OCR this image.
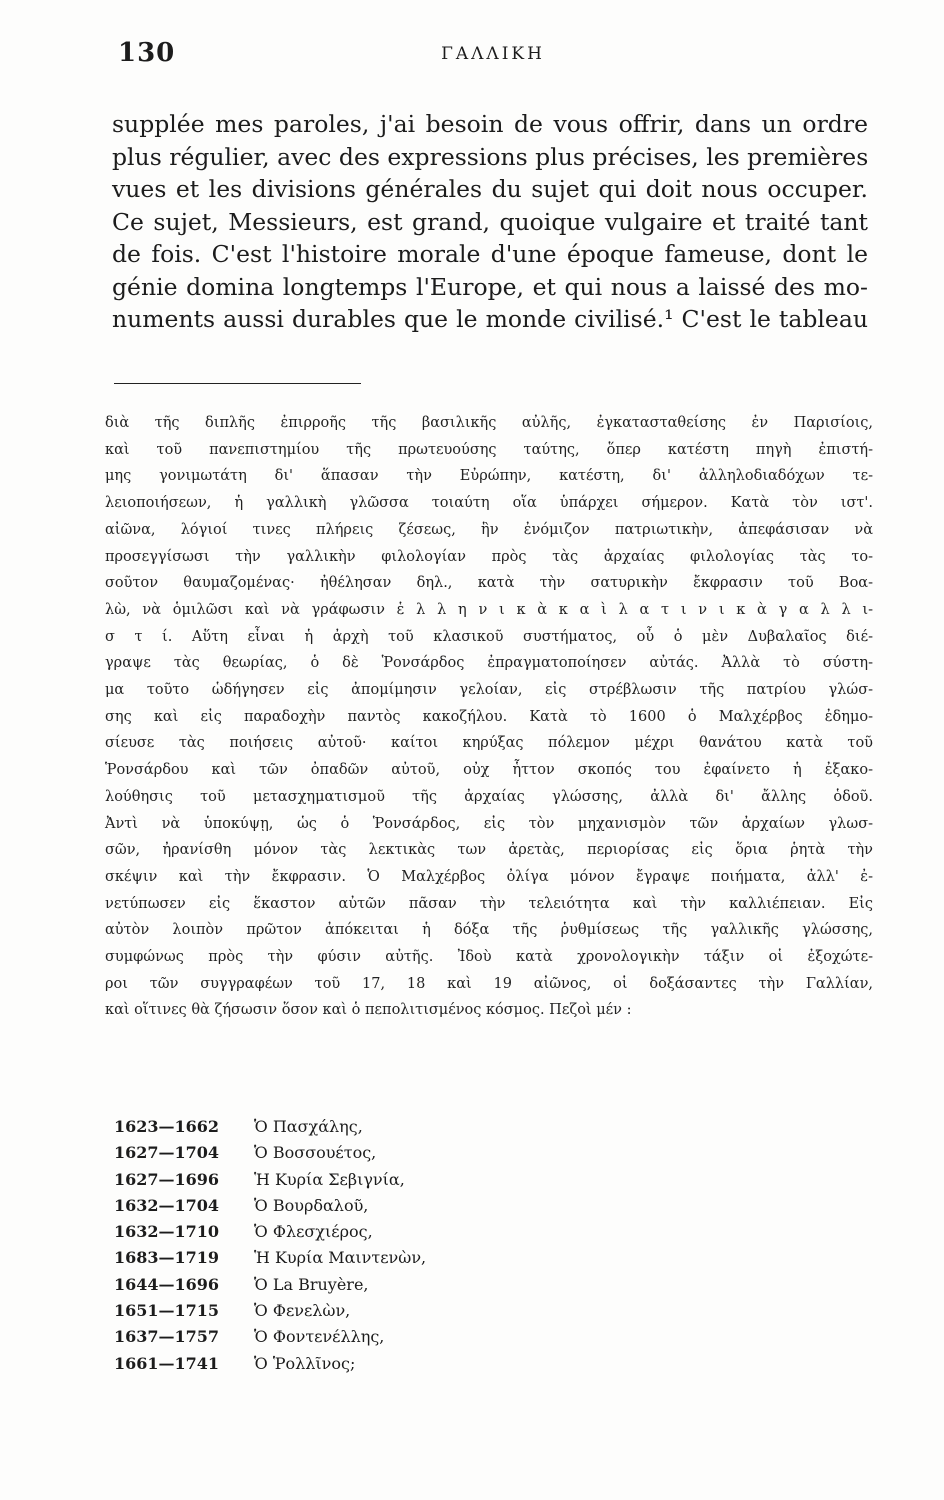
130	ΓΑΛΛΙΚΗ
supplée mes paroles, j'ai besoin de vous offrir, dans un ordre
plus régulier, avec des expressions plus précises, les premières
vues et les divisions générales du sujet qui doit nous occuper.
Ce sujet, Messieurs, est grand, quoique vulgaire et traité tant
de fois. C'est l'histoire morale d'une époque fameuse, dont le
génie domina longtemps l'Europe, et qui nous a laissé des mo-
numents aussi durables que le monde civilisé.¹ C'est le tableau
διὰ τῆς διπλῆς ἐπιρροῆς τῆς βασιλικῆς αὐλῆς, ἐγκατασταθείσης ἐν Παρισίοις,
καὶ τοῦ πανεπιστημίου τῆς πρωτευούσης ταύτης, ὅπερ κατέστη πηγὴ ἐπιστή-
μης γονιμωτάτη δι' ἅπασαν τὴν Εὐρώπην, κατέστη, δι' ἀλληλοδιαδόχων τε-
λειοποιήσεων, ἡ γαλλικὴ γλῶσσα τοιαύτη οἵα ὑπάρχει σήμερον. Κατὰ τὸν ιστ'.
αἰῶνα, λόγιοί τινες πλήρεις ζέσεως, ἣν ἐνόμιζον πατριωτικὴν, ἀπεφάσισαν νὰ
προσεγγίσωσι τὴν γαλλικὴν φιλολογίαν πρὸς τὰς ἀρχαίας φιλολογίας τὰς το-
σοῦτον θαυμαζομένας· ἠθέλησαν δηλ., κατὰ τὴν σατυρικὴν ἔκφρασιν τοῦ Βοα-
λὼ, νὰ ὁμιλῶσι καὶ νὰ γράφωσιν ἑ λ λ η ν ι κ ὰ κ α ὶ λ α τ ι ν ι κ ὰ γ α λ λ ι-
σ τ ί. Αὕτη εἶναι ἡ ἀρχὴ τοῦ κλασικοῦ συστήματος, οὗ ὁ μὲν Δυβαλαῖος διέ-
γραψε τὰς θεωρίας, ὁ δὲ Ῥονσάρδος ἐπραγματοποίησεν αὐτάς. Ἀλλὰ τὸ σύστη-
μα τοῦτο ὡδήγησεν εἰς ἀπομίμησιν γελοίαν, εἰς στρέβλωσιν τῆς πατρίου γλώσ-
σης καὶ εἰς παραδοχὴν παντὸς κακοζήλου. Κατὰ τὸ 1600 ὁ Μαλχέρβος ἐδημο-
σίευσε τὰς ποιήσεις αὐτοῦ· καίτοι κηρύξας πόλεμον μέχρι θανάτου κατὰ τοῦ
Ῥονσάρδου καὶ τῶν ὀπαδῶν αὐτοῦ, οὐχ ἧττον σκοπός του ἐφαίνετο ἡ ἐξακο-
λούθησις τοῦ μετασχηματισμοῦ τῆς ἀρχαίας γλώσσης, ἀλλὰ δι' ἄλλης ὁδοῦ.
Ἀντὶ νὰ ὑποκύψῃ, ὡς ὁ Ῥονσάρδος, εἰς τὸν μηχανισμὸν τῶν ἀρχαίων γλωσ-
σῶν, ἠρανίσθη μόνον τὰς λεκτικὰς των ἀρετὰς, περιορίσας εἰς ὅρια ῥητὰ τὴν
σκέψιν καὶ τὴν ἔκφρασιν. Ὁ Μαλχέρβος ὀλίγα μόνον ἔγραψε ποιήματα, ἀλλ' ἐ-
νετύπωσεν εἰς ἕκαστον αὐτῶν πᾶσαν τὴν τελειότητα καὶ τὴν καλλιέπειαν. Εἰς
αὐτὸν λοιπὸν πρῶτον ἀπόκειται ἡ δόξα τῆς ῥυθμίσεως τῆς γαλλικῆς γλώσσης,
συμφώνως πρὸς τὴν φύσιν αὐτῆς. Ἰδοὺ κατὰ χρονολογικὴν τάξιν οἱ ἐξοχώτε-
ροι τῶν συγγραφέων τοῦ 17, 18 καὶ 19 αἰῶνος, οἱ δοξάσαντες τὴν Γαλλίαν,
καὶ οἵτινες θὰ ζήσωσιν ὅσον καὶ ὁ πεπολιτισμένος κόσμος. Πεζοὶ μέν :
1623—1662 Ὁ Πασχάλης,
1627—1704 Ὁ Βοσσουέτος,
1627—1696 Ἡ Κυρία Σεβιγνία,
1632—1704 Ὁ Βουρδαλοῦ,
1632—1710 Ὁ Φλεσχιέρος,
1683—1719 Ἡ Κυρία Μαιντενὼν,
1644—1696 Ὁ La Bruyère,
1651—1715 Ὁ Φενελὼν,
1637—1757 Ὁ Φοντενέλλης,
1661—1741 Ὁ Ῥολλῖνος;
